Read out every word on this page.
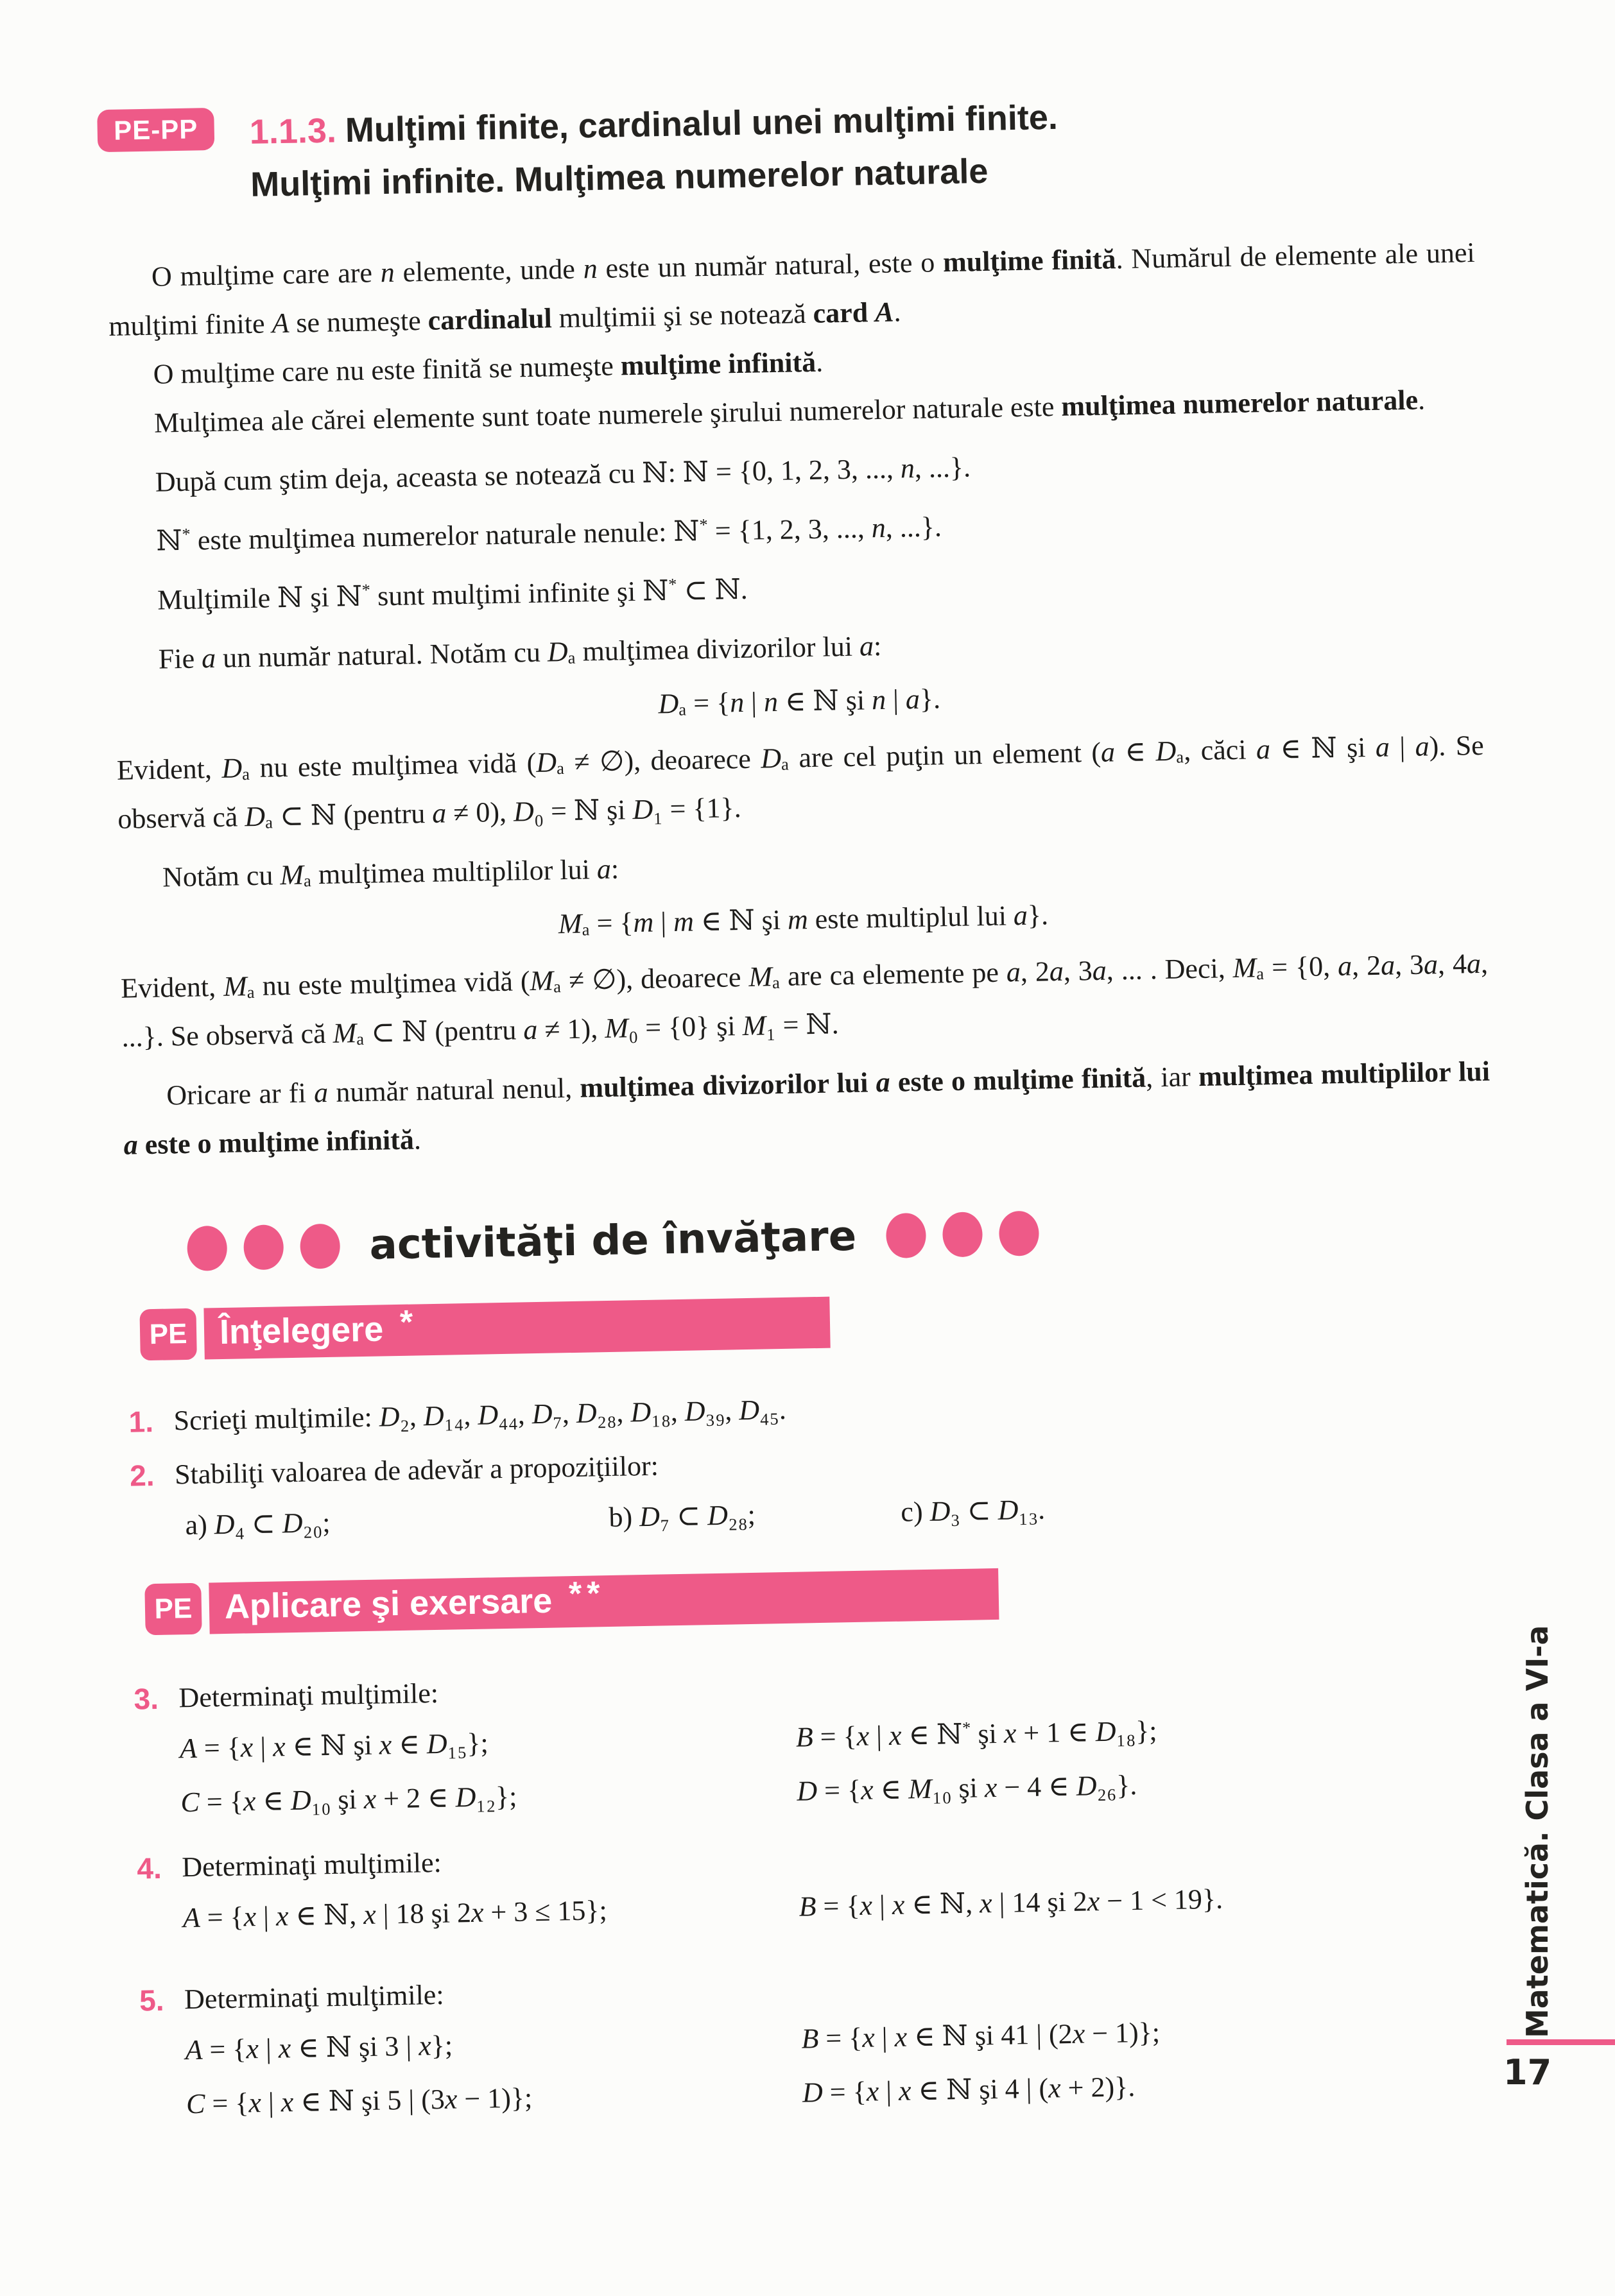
PE-PP	1.1.3. Mulţimi finite, cardinalul unei mulţimi finite.
Mulţimi infinite. Mulţimea numerelor naturale

O mulţime care are n elemente, unde n este un număr natural, este o mulţime finită. Numărul de elemente ale unei mulţimi finite A se numeşte cardinalul mulţimii şi se notează card A.

O mulţime care nu este finită se numeşte mulţime infinită.

Mulţimea ale cărei elemente sunt toate numerele şirului numerelor naturale este mulţimea numerelor naturale.

După cum ştim deja, aceasta se notează cu ℕ: ℕ = {0, 1, 2, 3, ..., n, ...}.

ℕ* este mulţimea numerelor naturale nenule: ℕ* = {1, 2, 3, ..., n, ...}.

Mulţimile ℕ şi ℕ* sunt mulţimi infinite şi ℕ* ⊂ ℕ.

Fie a un număr natural. Notăm cu Dₐ mulţimea divizorilor lui a:

Dₐ = {n | n ∈ ℕ şi n | a}.

Evident, Dₐ nu este mulţimea vidă (Dₐ ≠ ∅), deoarece Dₐ are cel puţin un element (a ∈ Dₐ, căci a ∈ ℕ şi a | a). Se observă că Dₐ ⊂ ℕ (pentru a ≠ 0), D₀ = ℕ şi D₁ = {1}.

Notăm cu Mₐ mulţimea multiplilor lui a:

Mₐ = {m | m ∈ ℕ şi m este multiplul lui a}.

Evident, Mₐ nu este mulţimea vidă (Mₐ ≠ ∅), deoarece Mₐ are ca elemente pe a, 2a, 3a, ... . Deci, Mₐ = {0, a, 2a, 3a, 4a, ...}. Se observă că Mₐ ⊂ ℕ (pentru a ≠ 1), M₀ = {0} şi M₁ = ℕ.

Oricare ar fi a număr natural nenul, mulţimea divizorilor lui a este o mulţime finită, iar mulţimea multiplilor lui a este o mulţime infinită.

activităţi de învăţare
PE Înţelegere *
1. Scrieţi mulţimile: D₂, D₁₄, D₄₄, D₇, D₂₈, D₁₈, D₃₉, D₄₅.
2. Stabiliţi valoarea de adevăr a propoziţiilor:
a) D₄ ⊂ D₂₀;	b) D₇ ⊂ D₂₈;	c) D₃ ⊂ D₁₃.
PE Aplicare şi exersare **
3. Determinaţi mulţimile:
A = {x | x ∈ ℕ şi x ∈ D₁₅};	B = {x | x ∈ ℕ* şi x + 1 ∈ D₁₈};
C = {x ∈ D₁₀ şi x + 2 ∈ D₁₂};	D = {x ∈ M₁₀ şi x − 4 ∈ D₂₆}.
4. Determinaţi mulţimile:
A = {x | x ∈ ℕ, x | 18 şi 2x + 3 ≤ 15};	B = {x | x ∈ ℕ, x | 14 şi 2x − 1 < 19}.
5. Determinaţi mulţimile:
A = {x | x ∈ ℕ şi 3 | x};	B = {x | x ∈ ℕ şi 41 | (2x − 1)};
C = {x | x ∈ ℕ şi 5 | (3x − 1)};	D = {x | x ∈ ℕ şi 4 | (x + 2)}.
Matematică. Clasa a VI-a
17
